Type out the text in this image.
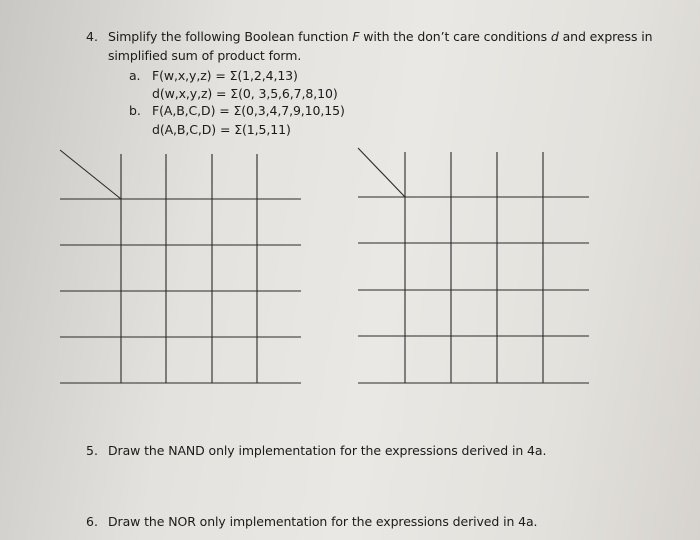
4. Simplify the following Boolean function F with the don’t care conditions d and express in
simplified sum of product form.
a. F(w,x,y,z) = Σ(1,2,4,13)
d(w,x,y,z) = Σ(0, 3,5,6,7,8,10)
b. F(A,B,C,D) = Σ(0,3,4,7,9,10,15)
d(A,B,C,D) = Σ(1,5,11)
5. Draw the NAND only implementation for the expressions derived in 4a.
6. Draw the NOR only implementation for the expressions derived in 4a.
